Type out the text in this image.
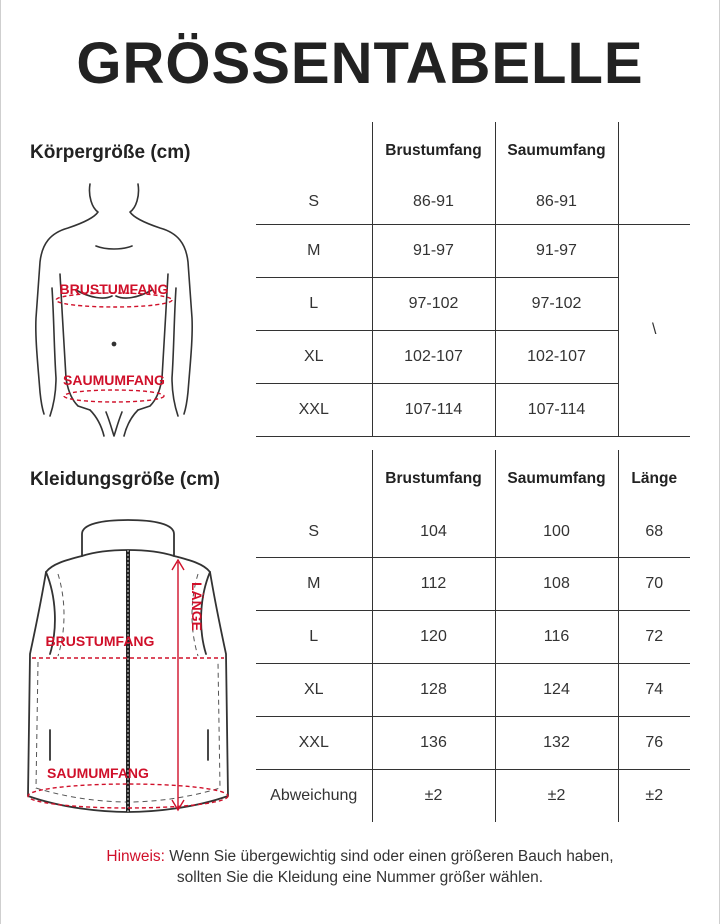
GRÖSSENTABELLE
Körpergröße (cm)
BRUSTUMFANG
SAUMUMFANG
	Brustumfang	Saumumfang	
S	86-91	86-91	
M	91-97	91-97	\
L	97-102	97-102	
XL	102-107	102-107	
XXL	107-114	107-114	

Kleidungsgröße (cm)
LÄNGE
BRUSTUMFANG
SAUMUMFANG
	Brustumfang	Saumumfang	Länge
S	104	100	68
M	112	108	70
L	120	116	72
XL	128	124	74
XXL	136	132	76
Abweichung	±2	±2	±2
Hinweis: Wenn Sie übergewichtig sind oder einen größeren Bauch haben,
sollten Sie die Kleidung eine Nummer größer wählen.
